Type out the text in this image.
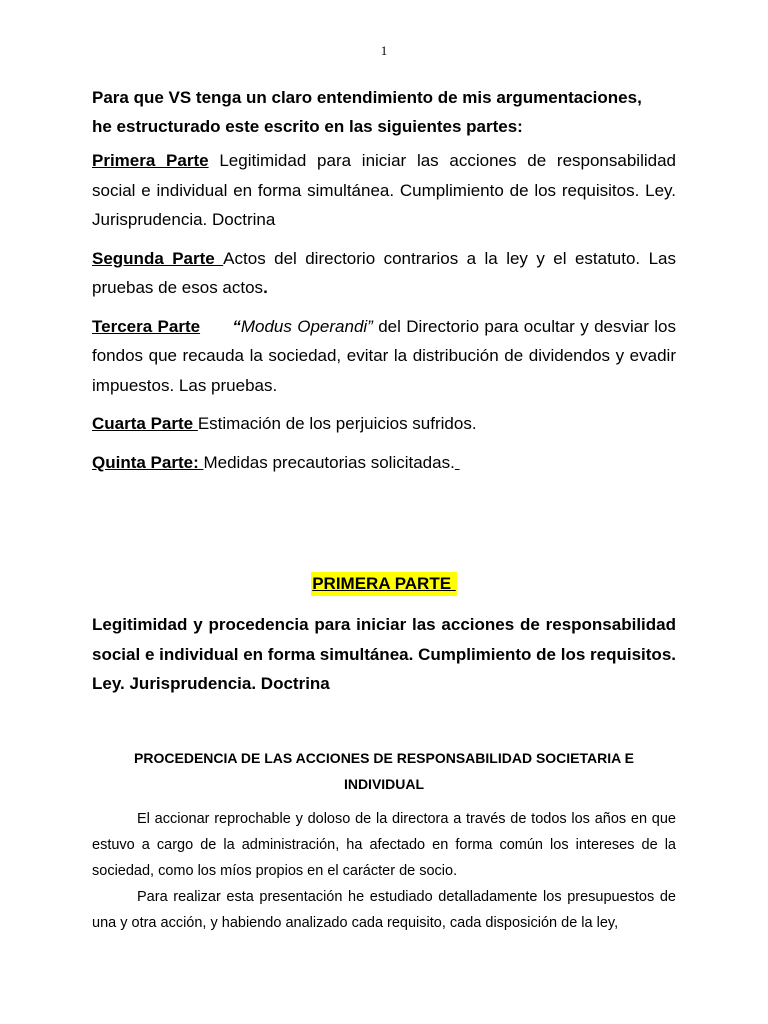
1

Para que VS tenga un claro entendimiento de mis argumentaciones,
he estructurado este escrito en las siguientes partes:

Primera Parte Legitimidad para iniciar las acciones de responsabilidad social e individual en forma simultánea. Cumplimiento de los requisitos. Ley. Jurisprudencia. Doctrina

Segunda Parte Actos del directorio contrarios a la ley y el estatuto. Las pruebas de esos actos.

Tercera Parte “Modus Operandi” del Directorio para ocultar y desviar los fondos que recauda la sociedad, evitar la distribución de dividendos y evadir impuestos. Las pruebas.

Cuarta Parte Estimación de los perjuicios sufridos.

Quinta Parte: Medidas precautorias solicitadas.

PRIMERA PARTE

Legitimidad y procedencia para iniciar las acciones de responsabilidad social e individual en forma simultánea. Cumplimiento de los requisitos. Ley. Jurisprudencia. Doctrina

PROCEDENCIA DE LAS ACCIONES DE RESPONSABILIDAD SOCIETARIA E
INDIVIDUAL

El accionar reprochable y doloso de la directora a través de todos los años en que estuvo a cargo de la administración, ha afectado en forma común los intereses de la sociedad, como los míos propios en el carácter de socio.

Para realizar esta presentación he estudiado detalladamente los presupuestos de una y otra acción, y habiendo analizado cada requisito, cada disposición de la ley,
